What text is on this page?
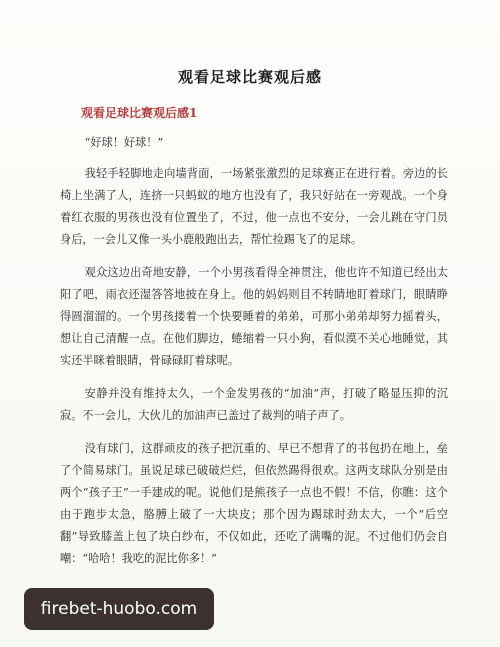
观看足球比赛观后感
观看足球比赛观后感1

“好球！好球！”

我轻手轻脚地走向墙背面，一场紧张激烈的足球赛正在进行着。旁边的长椅上坐满了人，连挤一只蚂蚁的地方也没有了，我只好站在一旁观战。一个身着红衣服的男孩也没有位置坐了，不过，他一点也不安分，一会儿跳在守门员身后，一会儿又像一头小鹿般跑出去，帮忙捡踢飞了的足球。

观众这边出奇地安静，一个小男孩看得全神贯注，他也许不知道已经出太阳了吧，雨衣还湿答答地披在身上。他的妈妈则目不转睛地盯着球门，眼睛睁得圆溜溜的。一个男孩搂着一个快要睡着的弟弟，可那小弟弟却努力摇着头，想让自己清醒一点。在他们脚边，蜷缩着一只小狗，看似漠不关心地睡觉，其实还半眯着眼睛，骨碌碌盯着球呢。

安静并没有维持太久，一个金发男孩的“加油”声，打破了略显压抑的沉寂。不一会儿，大伙儿的加油声已盖过了裁判的哨子声了。

没有球门，这群顽皮的孩子把沉重的、早已不想背了的书包扔在地上，垒了个简易球门。虽说足球已破破烂烂，但依然踢得很欢。这两支球队分别是由两个“孩子王”一手建成的呢。说他们是熊孩子一点也不假！不信，你瞧：这个由于跑步太急，胳膊上破了一大块皮；那个因为踢球时劲太大，一个“后空翻”导致膝盖上包了块白纱布，不仅如此，还吃了满嘴的泥。不过他们仍会自嘲：“哈哈！我吃的泥比你多！”

firebet-huobo.com
